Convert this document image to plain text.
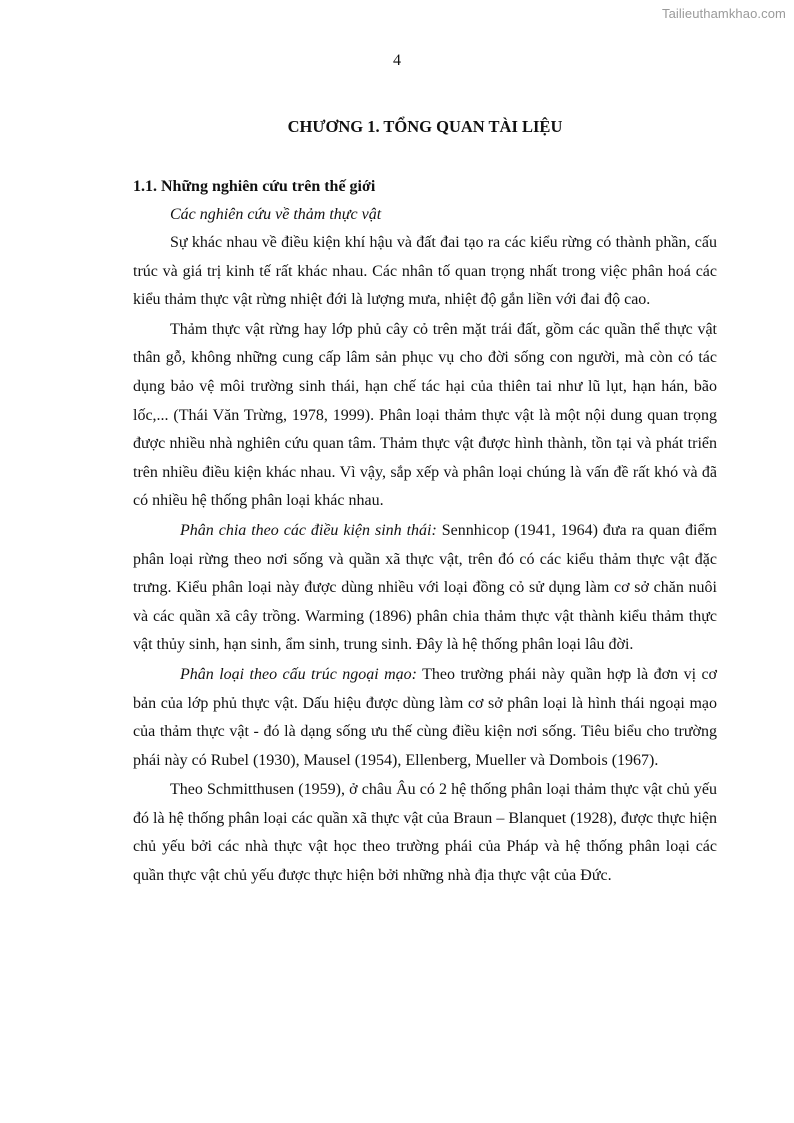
Tailieuthamkhao.com
4
CHƯƠNG 1. TỔNG QUAN TÀI LIỆU

1.1. Những nghiên cứu trên thế giới

Các nghiên cứu về thảm thực vật

Sự khác nhau về điều kiện khí hậu và đất đai tạo ra các kiểu rừng có thành phần, cấu trúc và giá trị kinh tế rất khác nhau. Các nhân tố quan trọng nhất trong việc phân hoá các kiểu thảm thực vật rừng nhiệt đới là lượng mưa, nhiệt độ gắn liền với đai độ cao.

Thảm thực vật rừng hay lớp phủ cây cỏ trên mặt trái đất, gồm các quần thể thực vật thân gỗ, không những cung cấp lâm sản phục vụ cho đời sống con người, mà còn có tác dụng bảo vệ môi trường sinh thái, hạn chế tác hại của thiên tai như lũ lụt, hạn hán, bão lốc,... (Thái Văn Trừng, 1978, 1999). Phân loại thảm thực vật là một nội dung quan trọng được nhiều nhà nghiên cứu quan tâm. Thảm thực vật được hình thành, tồn tại và phát triển trên nhiều điều kiện khác nhau. Vì vậy, sắp xếp và phân loại chúng là vấn đề rất khó và đã có nhiều hệ thống phân loại khác nhau.

Phân chia theo các điều kiện sinh thái: Sennhicop (1941, 1964) đưa ra quan điểm phân loại rừng theo nơi sống và quần xã thực vật, trên đó có các kiểu thảm thực vật đặc trưng. Kiểu phân loại này được dùng nhiều với loại đồng cỏ sử dụng làm cơ sở chăn nuôi và các quần xã cây trồng. Warming (1896) phân chia thảm thực vật thành kiểu thảm thực vật thủy sinh, hạn sinh, ẩm sinh, trung sinh. Đây là hệ thống phân loại lâu đời.

Phân loại theo cấu trúc ngoại mạo: Theo trường phái này quần hợp là đơn vị cơ bản của lớp phủ thực vật. Dấu hiệu được dùng làm cơ sở phân loại là hình thái ngoại mạo của thảm thực vật - đó là dạng sống ưu thế cùng điều kiện nơi sống. Tiêu biểu cho trường phái này có Rubel (1930), Mausel (1954), Ellenberg, Mueller và Dombois (1967).

Theo Schmitthusen (1959), ở châu Âu có 2 hệ thống phân loại thảm thực vật chủ yếu đó là hệ thống phân loại các quần xã thực vật của Braun – Blanquet (1928), được thực hiện chủ yếu bởi các nhà thực vật học theo trường phái của Pháp và hệ thống phân loại các quần thực vật chủ yếu được thực hiện bởi những nhà địa thực vật của Đức.
